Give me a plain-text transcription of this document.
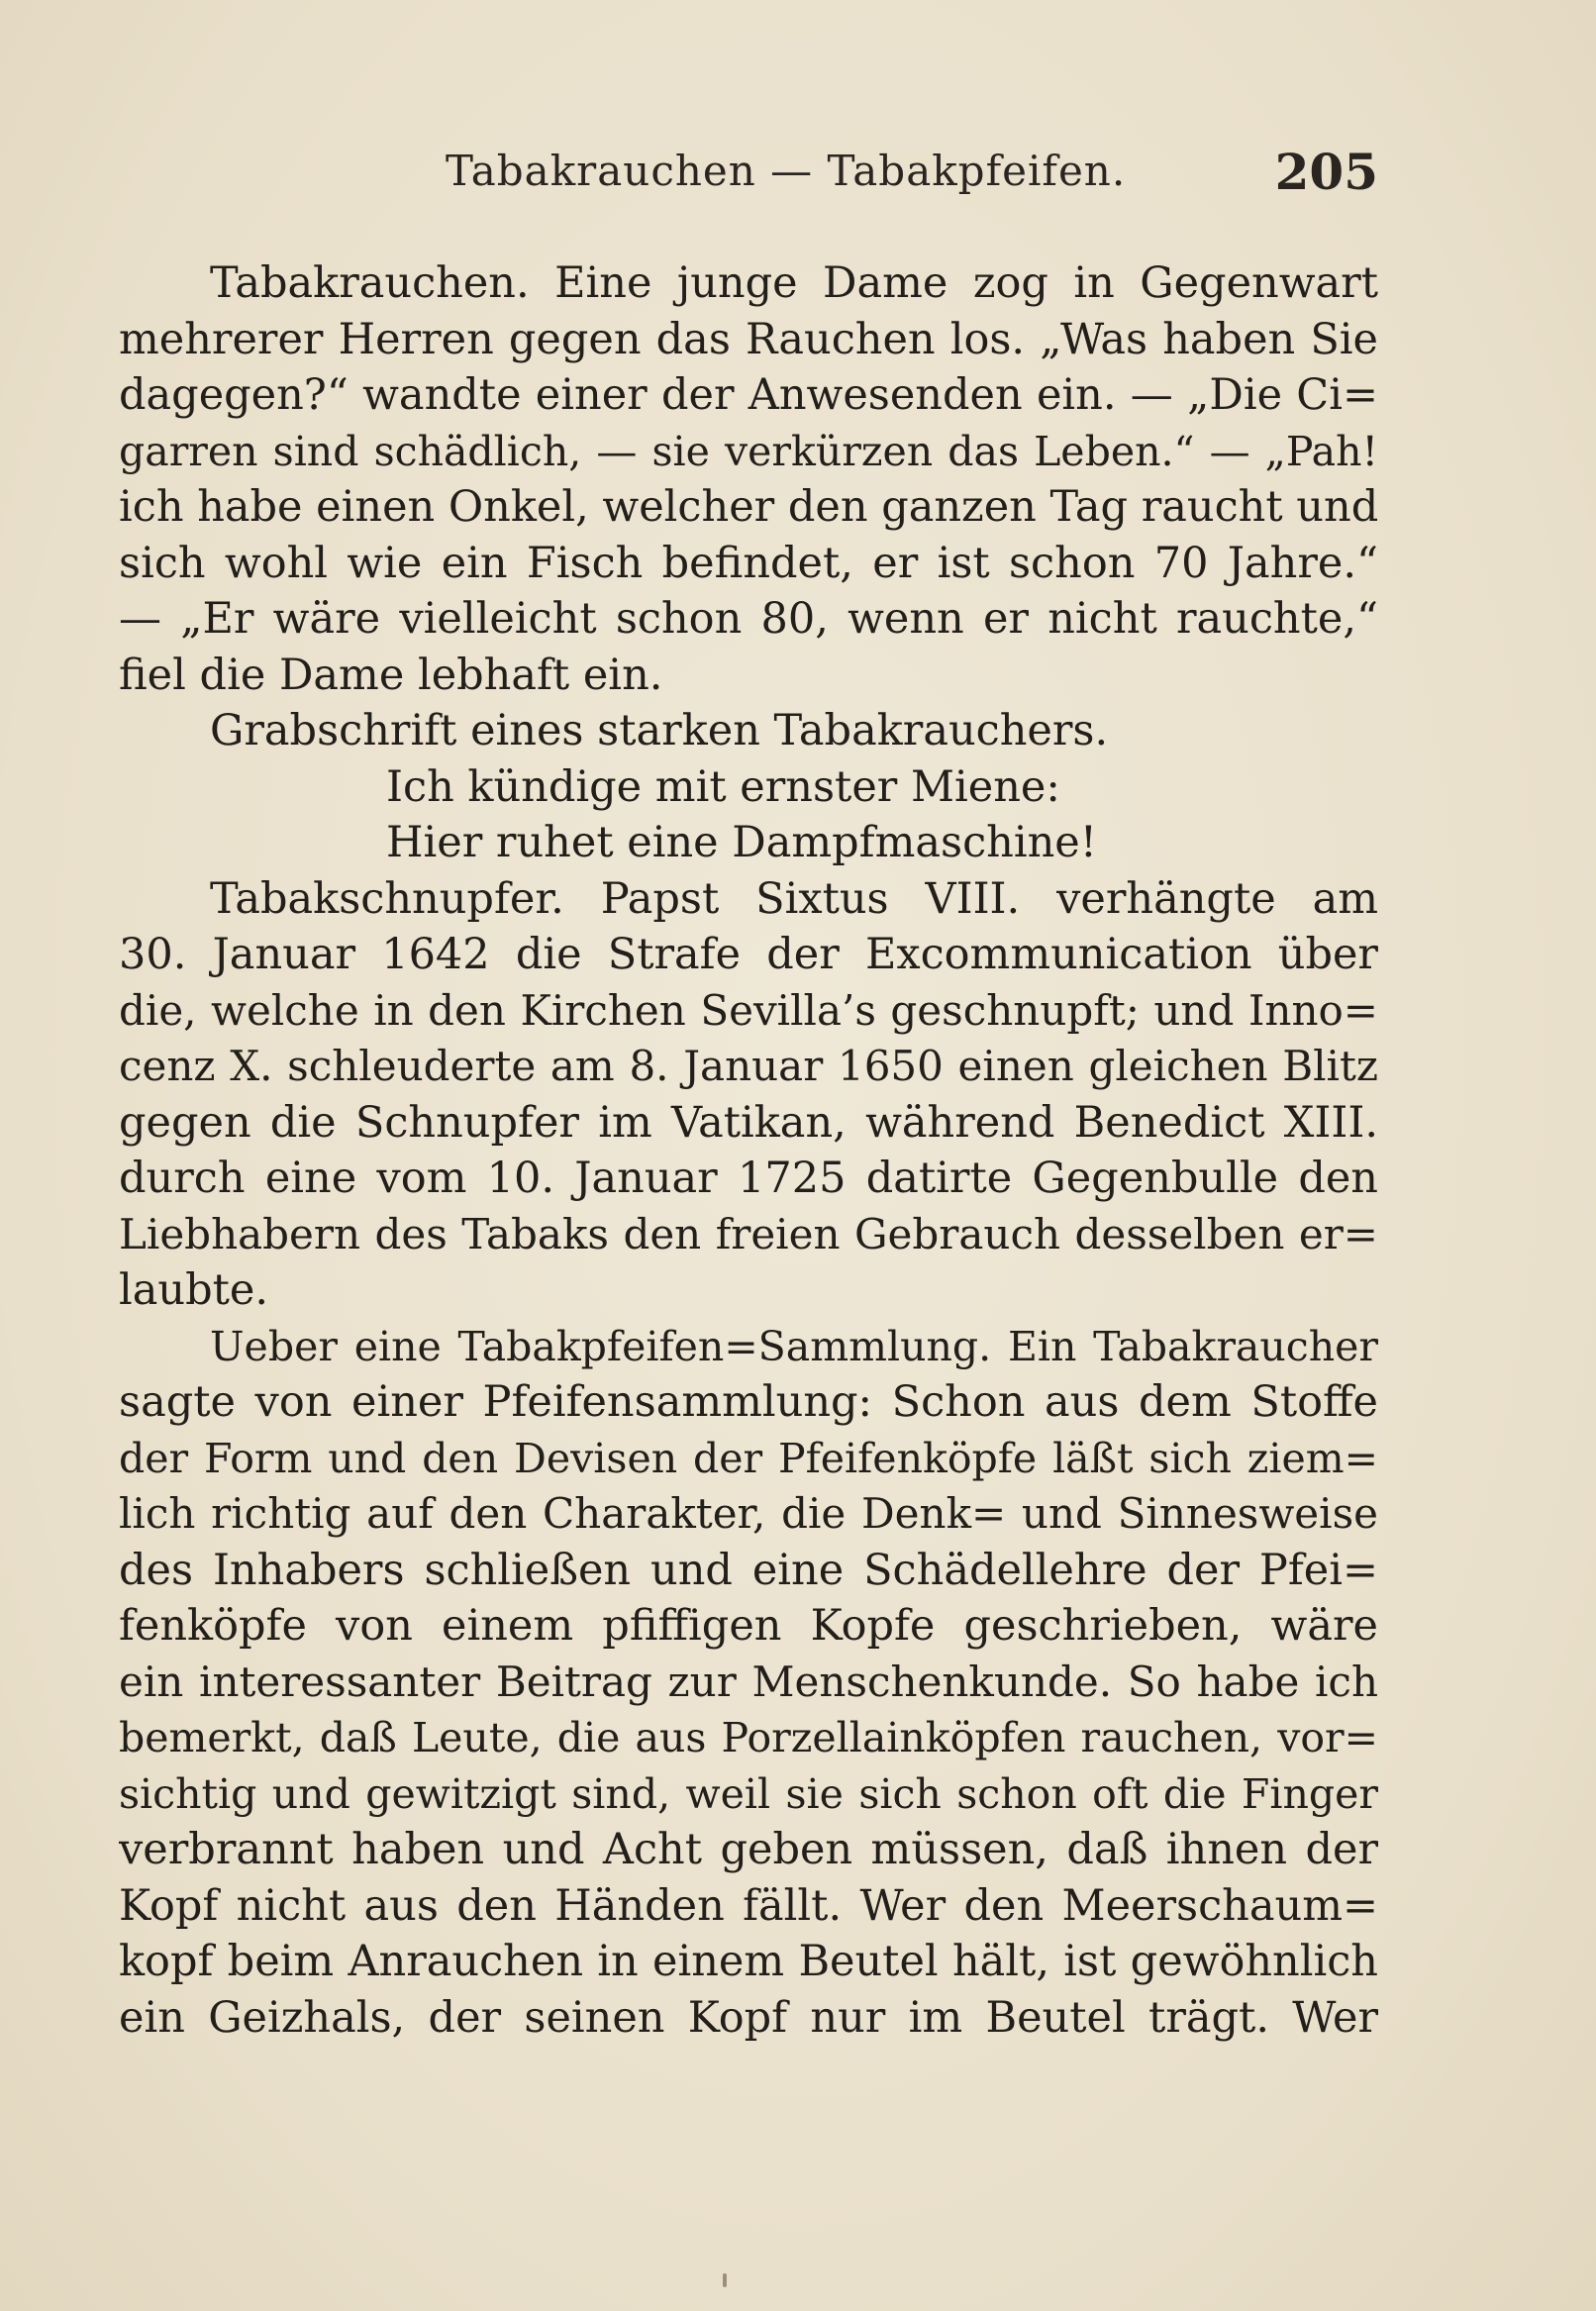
Tabakrauchen — Tabakpfeifen.	205
Tabakrauchen. Eine junge Dame zog in Gegenwart
mehrerer Herren gegen das Rauchen los. „Was haben Sie
dagegen?“ wandte einer der Anwesenden ein. — „Die Ci=
garren sind schädlich, — sie verkürzen das Leben.“ — „Pah!
ich habe einen Onkel, welcher den ganzen Tag raucht und
sich wohl wie ein Fisch befindet, er ist schon 70 Jahre.“
— „Er wäre vielleicht schon 80, wenn er nicht rauchte,“
fiel die Dame lebhaft ein.
Grabschrift eines starken Tabakrauchers.
Ich kündige mit ernster Miene:
Hier ruhet eine Dampfmaschine!
Tabakschnupfer. Papst Sixtus VIII. verhängte am
30. Januar 1642 die Strafe der Excommunication über
die, welche in den Kirchen Sevilla’s geschnupft; und Inno=
cenz X. schleuderte am 8. Januar 1650 einen gleichen Blitz
gegen die Schnupfer im Vatikan, während Benedict XIII.
durch eine vom 10. Januar 1725 datirte Gegenbulle den
Liebhabern des Tabaks den freien Gebrauch desselben er=
laubte.
Ueber eine Tabakpfeifen=Sammlung. Ein Tabakraucher
sagte von einer Pfeifensammlung: Schon aus dem Stoffe
der Form und den Devisen der Pfeifenköpfe läßt sich ziem=
lich richtig auf den Charakter, die Denk= und Sinnesweise
des Inhabers schließen und eine Schädellehre der Pfei=
fenköpfe von einem pfiffigen Kopfe geschrieben, wäre
ein interessanter Beitrag zur Menschenkunde. So habe ich
bemerkt, daß Leute, die aus Porzellainköpfen rauchen, vor=
sichtig und gewitzigt sind, weil sie sich schon oft die Finger
verbrannt haben und Acht geben müssen, daß ihnen der
Kopf nicht aus den Händen fällt. Wer den Meerschaum=
kopf beim Anrauchen in einem Beutel hält, ist gewöhnlich
ein Geizhals, der seinen Kopf nur im Beutel trägt. Wer
